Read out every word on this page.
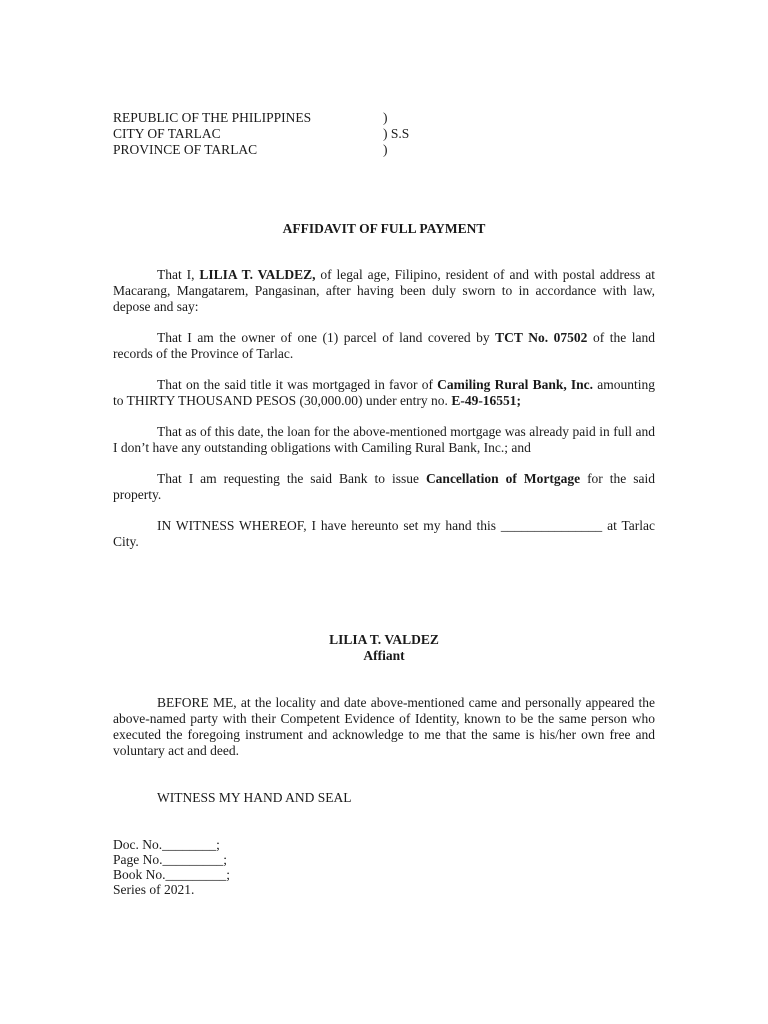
REPUBLIC OF THE PHILIPPINES	)
CITY OF TARLAC	) S.S
PROVINCE OF TARLAC	)
AFFIDAVIT OF FULL PAYMENT

That I, LILIA T. VALDEZ, of legal age, Filipino, resident of and with postal address at Macarang, Mangatarem, Pangasinan, after having been duly sworn to in accordance with law, depose and say:

That I am the owner of one (1) parcel of land covered by TCT No. 07502 of the land records of the Province of Tarlac.

That on the said title it was mortgaged in favor of Camiling Rural Bank, Inc. amounting to THIRTY THOUSAND PESOS (30,000.00) under entry no. E-49-16551;

That as of this date, the loan for the above-mentioned mortgage was already paid in full and I don’t have any outstanding obligations with Camiling Rural Bank, Inc.; and

That I am requesting the said Bank to issue Cancellation of Mortgage for the said property.

IN WITNESS WHEREOF, I have hereunto set my hand this _______________ at Tarlac City.

LILIA T. VALDEZ
Affiant

BEFORE ME, at the locality and date above-mentioned came and personally appeared the above-named party with their Competent Evidence of Identity, known to be the same person who executed the foregoing instrument and acknowledge to me that the same is his/her own free and voluntary act and deed.

WITNESS MY HAND AND SEAL
Doc. No.________;
Page No._________;
Book No._________;
Series of 2021.
